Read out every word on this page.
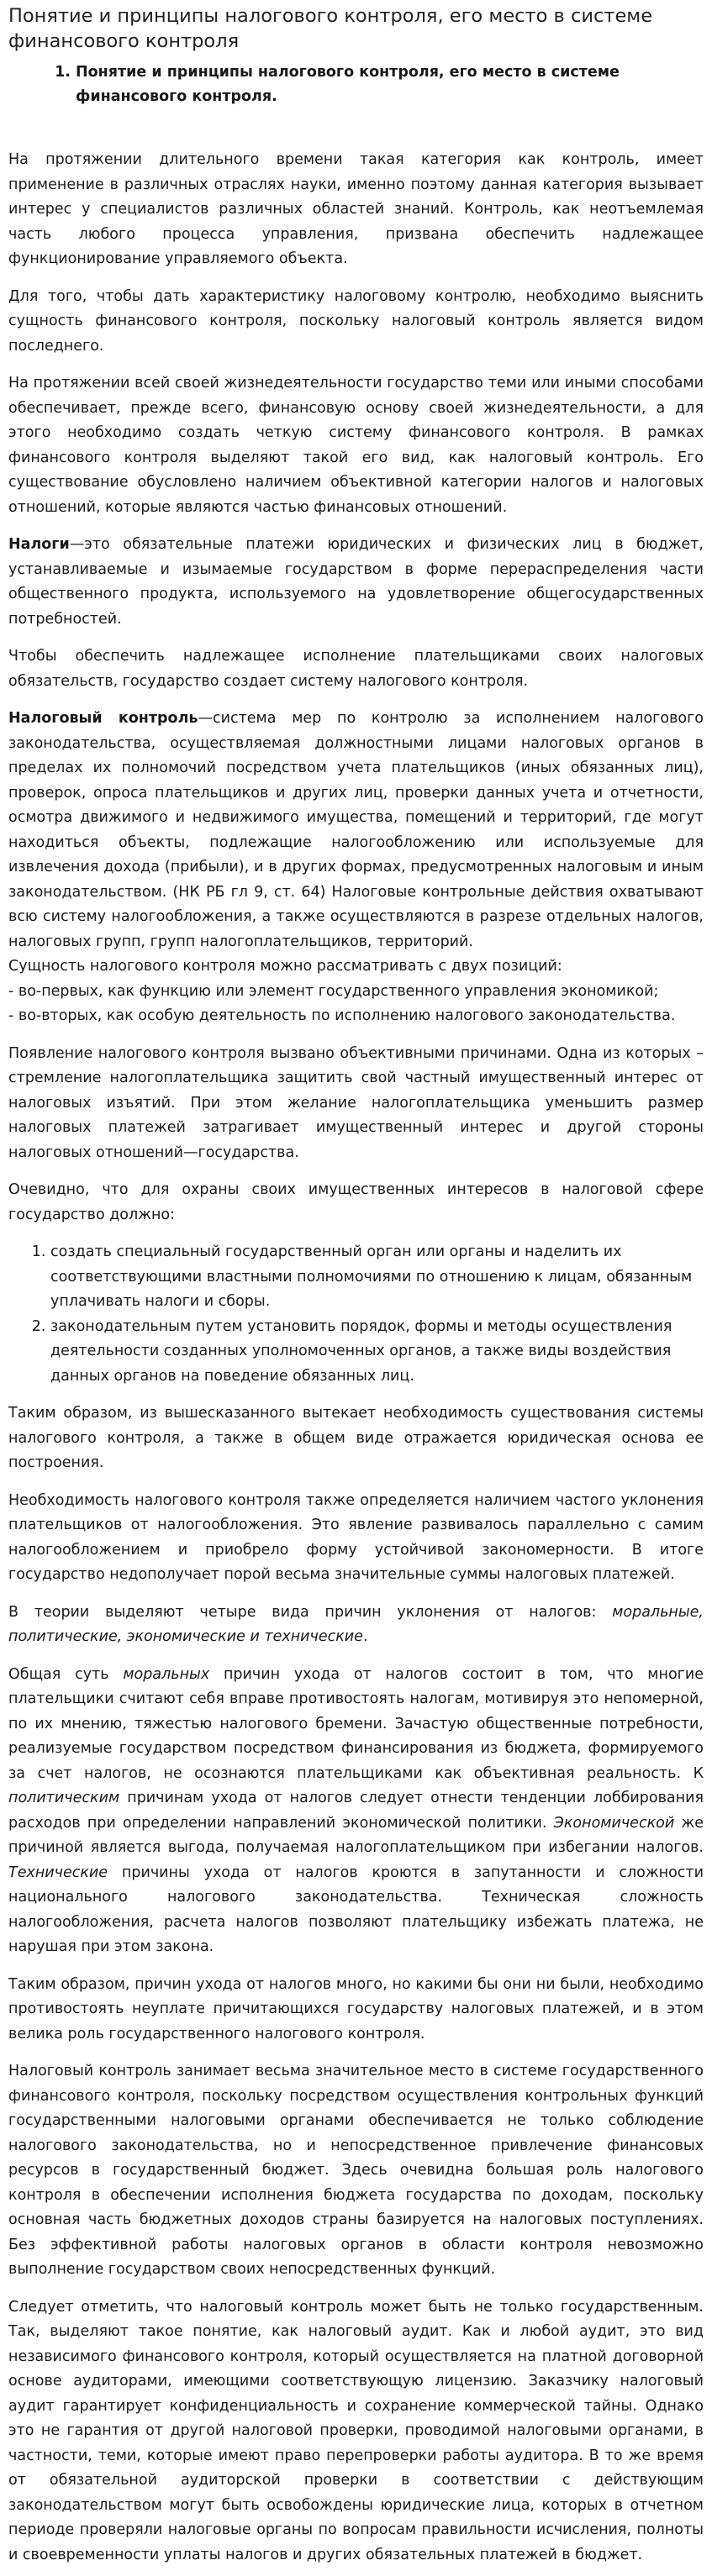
Понятие и принципы налогового контроля, его место в системе финансового контроля
1. Понятие и принципы налогового контроля, его место в системе финансового контроля.

На протяжении длительного времени такая категория как контроль, имеет применение в различных отраслях науки, именно поэтому данная категория вызывает интерес у специалистов различных областей знаний. Контроль, как неотъемлемая часть любого процесса управления, призвана обеспечить надлежащее функционирование управляемого объекта.

Для того, чтобы дать характеристику налоговому контролю, необходимо выяснить сущность финансового контроля, поскольку налоговый контроль является видом последнего.

На протяжении всей своей жизнедеятельности государство теми или иными способами обеспечивает, прежде всего, финансовую основу своей жизнедеятельности, а для этого необходимо создать четкую систему финансового контроля. В рамках финансового контроля выделяют такой его вид, как налоговый контроль. Его существование обусловлено наличием объективной категории налогов и налоговых отношений, которые являются частью финансовых отношений.

Налоги—это обязательные платежи юридических и физических лиц в бюджет, устанавливаемые и изымаемые государством в форме перераспределения части общественного продукта, используемого на удовлетворение общегосударственных потребностей.

Чтобы обеспечить надлежащее исполнение плательщиками своих налоговых обязательств, государство создает систему налогового контроля.

Налоговый контроль—система мер по контролю за исполнением налогового законодательства, осуществляемая должностными лицами налоговых органов в пределах их полномочий посредством учета плательщиков (иных обязанных лиц), проверок, опроса плательщиков и других лиц, проверки данных учета и отчетности, осмотра движимого и недвижимого имущества, помещений и территорий, где могут находиться объекты, подлежащие налогообложению или используемые для извлечения дохода (прибыли), и в других формах, предусмотренных налоговым и иным законодательством. (НК РБ гл 9, ст. 64) Налоговые контрольные действия охватывают всю систему налогообложения, а также осуществляются в разрезе отдельных налогов, налоговых групп, групп налогоплательщиков, территорий.

Сущность налогового контроля можно рассматривать с двух позиций:
- во-первых, как функцию или элемент государственного управления экономикой;
- во-вторых, как особую деятельность по исполнению налогового законодательства.

Появление налогового контроля вызвано объективными причинами. Одна из которых – стремление налогоплательщика защитить свой частный имущественный интерес от налоговых изъятий. При этом желание налогоплательщика уменьшить размер налоговых платежей затрагивает имущественный интерес и другой стороны налоговых отношений—государства.

Очевидно, что для охраны своих имущественных интересов в налоговой сфере государство должно:

1. создать специальный государственный орган или органы и наделить их соответствующими властными полномочиями по отношению к лицам, обязанным уплачивать налоги и сборы.
2. законодательным путем установить порядок, формы и методы осуществления деятельности созданных уполномоченных органов, а также виды воздействия данных органов на поведение обязанных лиц.

Таким образом, из вышесказанного вытекает необходимость существования системы налогового контроля, а также в общем виде отражается юридическая основа ее построения.

Необходимость налогового контроля также определяется наличием частого уклонения плательщиков от налогообложения. Это явление развивалось параллельно с самим налогообложением и приобрело форму устойчивой закономерности. В итоге государство недополучает порой весьма значительные суммы налоговых платежей.

В теории выделяют четыре вида причин уклонения от налогов: моральные, политические, экономические и технические.

Общая суть моральных причин ухода от налогов состоит в том, что многие плательщики считают себя вправе противостоять налогам, мотивируя это непомерной, по их мнению, тяжестью налогового бремени. Зачастую общественные потребности, реализуемые государством посредством финансирования из бюджета, формируемого за счет налогов, не осознаются плательщиками как объективная реальность. К политическим причинам ухода от налогов следует отнести тенденции лоббирования расходов при определении направлений экономической политики. Экономической же причиной является выгода, получаемая налогоплательщиком при избегании налогов. Технические причины ухода от налогов кроются в запутанности и сложности национального налогового законодательства. Техническая сложность налогообложения, расчета налогов позволяют плательщику избежать платежа, не нарушая при этом закона.

Таким образом, причин ухода от налогов много, но какими бы они ни были, необходимо противостоять неуплате причитающихся государству налоговых платежей, и в этом велика роль государственного налогового контроля.

Налоговый контроль занимает весьма значительное место в системе государственного финансового контроля, поскольку посредством осуществления контрольных функций государственными налоговыми органами обеспечивается не только соблюдение налогового законодательства, но и непосредственное привлечение финансовых ресурсов в государственный бюджет. Здесь очевидна большая роль налогового контроля в обеспечении исполнения бюджета государства по доходам, поскольку основная часть бюджетных доходов страны базируется на налоговых поступлениях. Без эффективной работы налоговых органов в области контроля невозможно выполнение государством своих непосредственных функций.

Следует отметить, что налоговый контроль может быть не только государственным. Так, выделяют такое понятие, как налоговый аудит. Как и любой аудит, это вид независимого финансового контроля, который осуществляется на платной договорной основе аудиторами, имеющими соответствующую лицензию. Заказчику налоговый аудит гарантирует конфиденциальность и сохранение коммерческой тайны. Однако это не гарантия от другой налоговой проверки, проводимой налоговыми органами, в частности, теми, которые имеют право перепроверки работы аудитора. В то же время от обязательной аудиторской проверки в соответствии с действующим законодательством могут быть освобождены юридические лица, которых в отчетном периоде проверяли налоговые органы по вопросам правильности исчисления, полноты и своевременности уплаты налогов и других обязательных платежей в бюджет.
